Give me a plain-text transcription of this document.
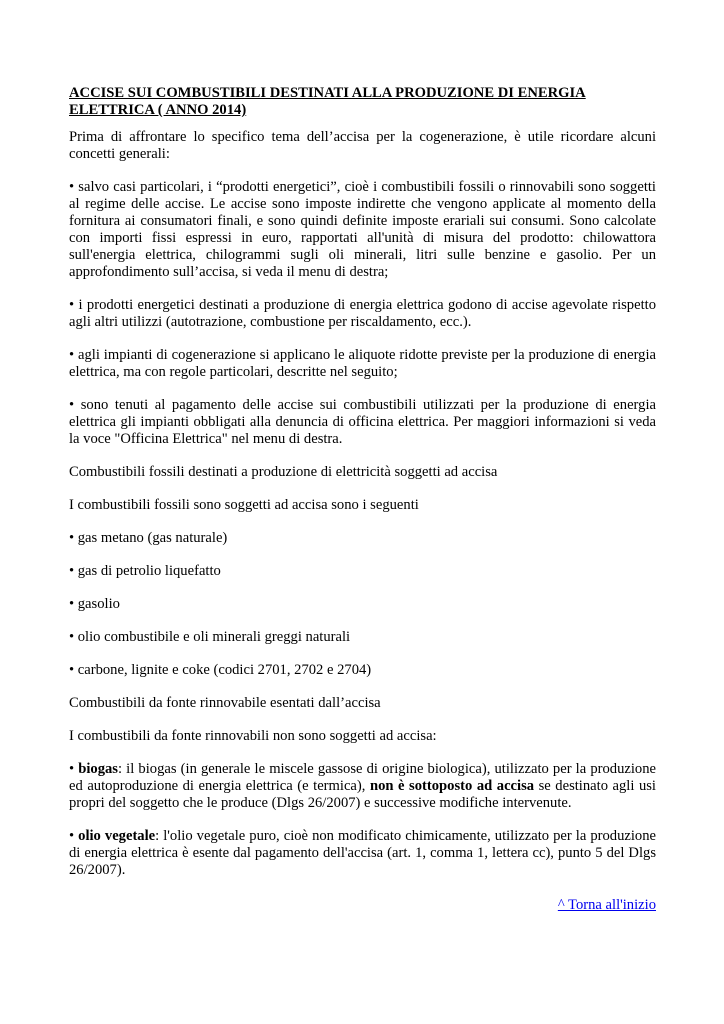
ACCISE SUI COMBUSTIBILI DESTINATI ALLA PRODUZIONE DI ENERGIA ELETTRICA ( ANNO 2014)

Prima di affrontare lo specifico tema dell’accisa per la cogenerazione, è utile ricordare alcuni concetti generali:

• salvo casi particolari, i “prodotti energetici”, cioè i combustibili fossili o rinnovabili sono soggetti al regime delle accise. Le accise sono imposte indirette che vengono applicate al momento della fornitura ai consumatori finali, e sono quindi definite imposte erariali sui consumi. Sono calcolate con importi fissi espressi in euro, rapportati all'unità di misura del prodotto: chilowattora sull'energia elettrica, chilogrammi sugli oli minerali, litri sulle benzine e gasolio. Per un approfondimento sull’accisa, si veda il menu di destra;

• i prodotti energetici destinati a produzione di energia elettrica godono di accise agevolate rispetto agli altri utilizzi (autotrazione, combustione per riscaldamento, ecc.).

• agli impianti di cogenerazione si applicano le aliquote ridotte previste per la produzione di energia elettrica, ma con regole particolari, descritte nel seguito;

• sono tenuti al pagamento delle accise sui combustibili utilizzati per la produzione di energia elettrica gli impianti obbligati alla denuncia di officina elettrica. Per maggiori informazioni si veda la voce "Officina Elettrica" nel menu di destra.

Combustibili fossili destinati a produzione di elettricità soggetti ad accisa

I combustibili fossili sono soggetti ad accisa sono i seguenti

• gas metano (gas naturale)

• gas di petrolio liquefatto

• gasolio

• olio combustibile e oli minerali greggi naturali

• carbone, lignite e coke (codici 2701, 2702 e 2704)

Combustibili da fonte rinnovabile esentati dall’accisa

I combustibili da fonte rinnovabili non sono soggetti ad accisa:

• biogas: il biogas (in generale le miscele gassose di origine biologica), utilizzato per la produzione ed autoproduzione di energia elettrica (e termica), non è sottoposto ad accisa se destinato agli usi propri del soggetto che le produce (Dlgs 26/2007) e successive modifiche intervenute.

• olio vegetale: l'olio vegetale puro, cioè non modificato chimicamente, utilizzato per la produzione di energia elettrica è esente dal pagamento dell'accisa (art. 1, comma 1, lettera cc), punto 5 del Dlgs 26/2007).

^ Torna all'inizio
